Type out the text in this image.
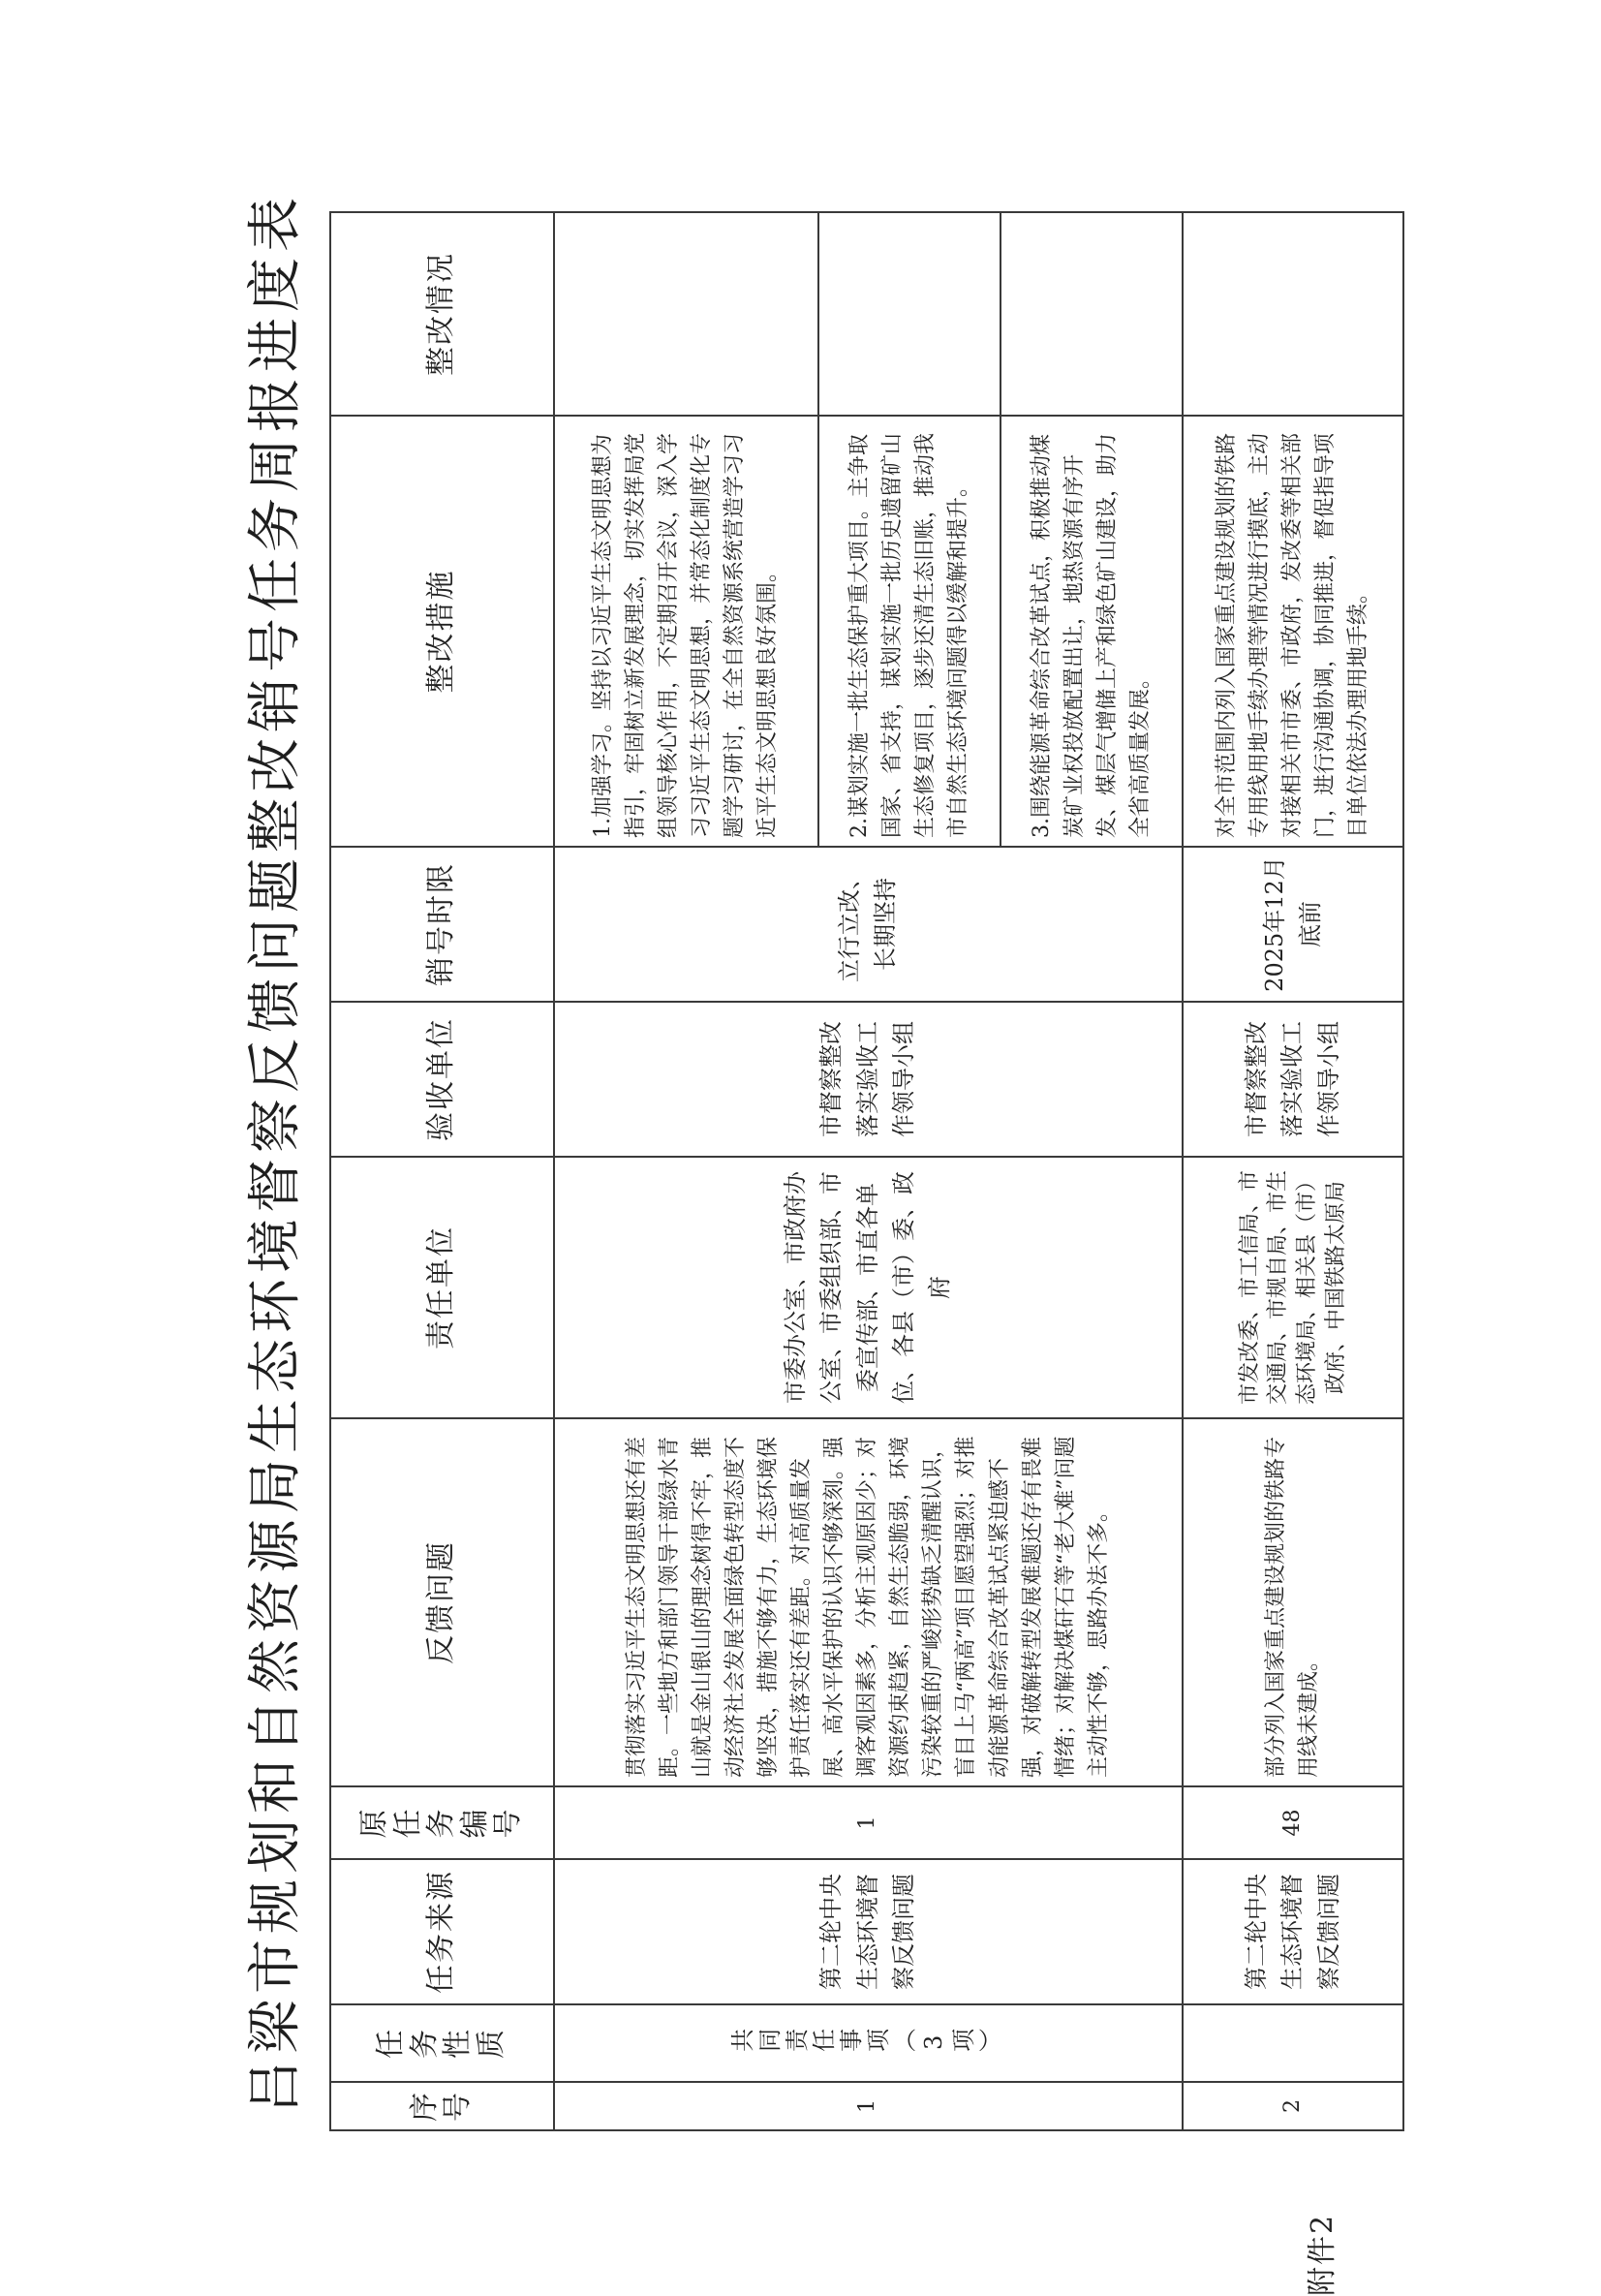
附件2
吕梁市规划和自然资源局生态环境督察反馈问题整改销号任务周报进度表	序号	任务性质	任务来源	原任务编号	反馈问题	责任单位	验收单位	销号时限	整改措施	整改情况
1	共同责任事项（3项）	第二轮中央生态环境督察反馈问题	1	贯彻落实习近平生态文明思想还有差距。一些地方和部门领导干部绿水青山就是金山银山的理念树得不牢，推动经济社会发展全面绿色转型态度不够坚决，措施不够有力，生态环境保护责任落实还有差距。对高质量发展、高水平保护的认识不够深刻。强调客观因素多，分析主观原因少；对资源约束趋紧，自然生态脆弱，环境污染较重的严峻形势缺乏清醒认识，盲目上马“两高”项目愿望强烈；对推动能源革命综合改革试点紧迫感不强，对破解转型发展难题还存有畏难情绪；对解决煤矸石等“老大难”问题主动性不够，思路办法不多。	市委办公室、市政府办公室、市委组织部、市委宣传部、市直各单位、各县（市）委、政府	市督察整改落实验收工作领导小组	立行立改、长期坚持	1.加强学习。坚持以习近平生态文明思想为指引，牢固树立新发展理念，切实发挥局党组领导核心作用，不定期召开会议，深入学习习近平生态文明思想，并常态化制度化专题学习研讨，在全自然资源系统营造学习习近平生态文明思想良好氛围。	
								2.谋划实施一批生态保护重大项目。主争取国家、省支持，谋划实施一批历史遗留矿山生态修复项目，逐步还清生态旧账，推动我市自然生态环境问题得以缓解和提升。	
								3.围绕能源革命综合改革试点，积极推动煤炭矿业权投放配置出让，地热资源有序开发、煤层气增储上产和绿色矿山建设，助力全省高质量发展。	
2		第二轮中央生态环境督察反馈问题	48	部分列入国家重点建设规划的铁路专用线未建成。	市发改委、市工信局、市交通局、市规自局、市生态环境局、相关县（市）政府、中国铁路太原局	市督察整改落实验收工作领导小组	2025年12月底前	对全市范围内列入国家重点建设规划的铁路专用线用地手续办理等情况进行摸底，主动对接相关市市委、市政府，发改委等相关部门，进行沟通协调，协同推进，督促指导项目单位依法办理用地手续。	
